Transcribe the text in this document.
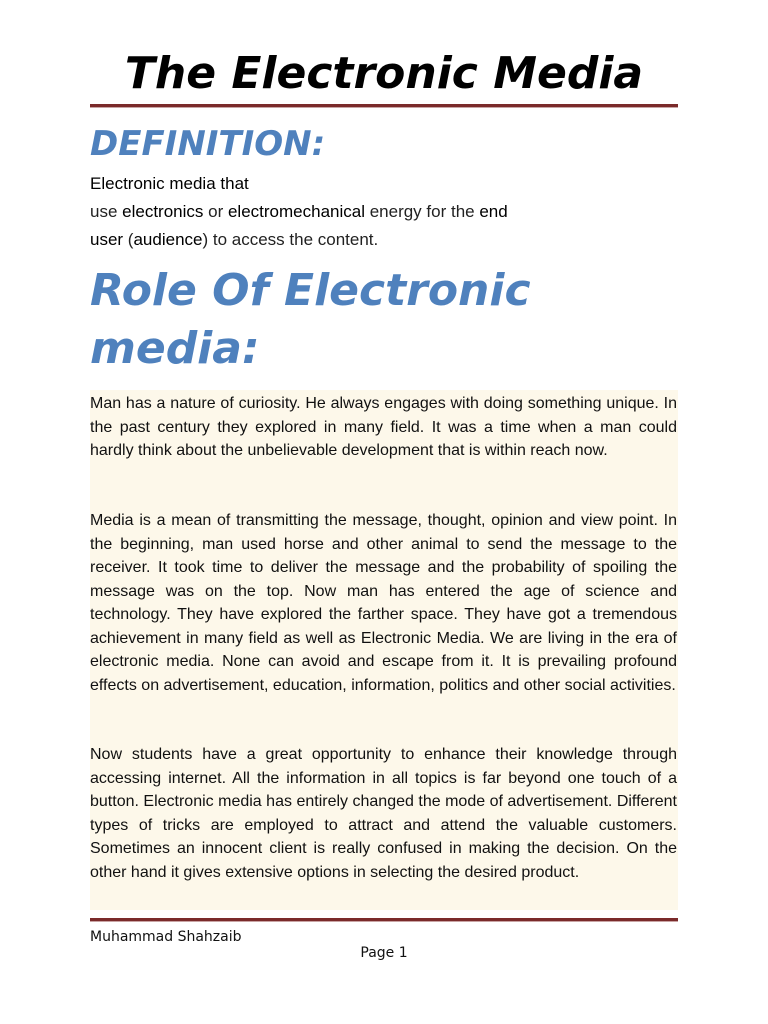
The Electronic Media
DEFINITION:
Electronic media that
use electronics or electromechanical energy for the end
user (audience) to access the content.
Role Of Electronic media:
Man has a nature of curiosity. He always engages with doing something unique. In the past century they explored in many field. It was a time when a man could hardly think about the unbelievable development that is within reach now.
Media is a mean of transmitting the message, thought, opinion and view point. In the beginning, man used horse and other animal to send the message to the receiver. It took time to deliver the message and the probability of spoiling the message was on the top. Now man has entered the age of science and technology. They have explored the farther space. They have got a tremendous achievement in many field as well as Electronic Media. We are living in the era of electronic media. None can avoid and escape from it. It is prevailing profound effects on advertisement, education, information, politics and other social activities.
Now students have a great opportunity to enhance their knowledge through accessing internet. All the information in all topics is far beyond one touch of a button. Electronic media has entirely changed the mode of advertisement. Different types of tricks are employed to attract and attend the valuable customers. Sometimes an innocent client is really confused in making the decision. On the other hand it gives extensive options in selecting the desired product.
Muhammad Shahzaib
Page 1
